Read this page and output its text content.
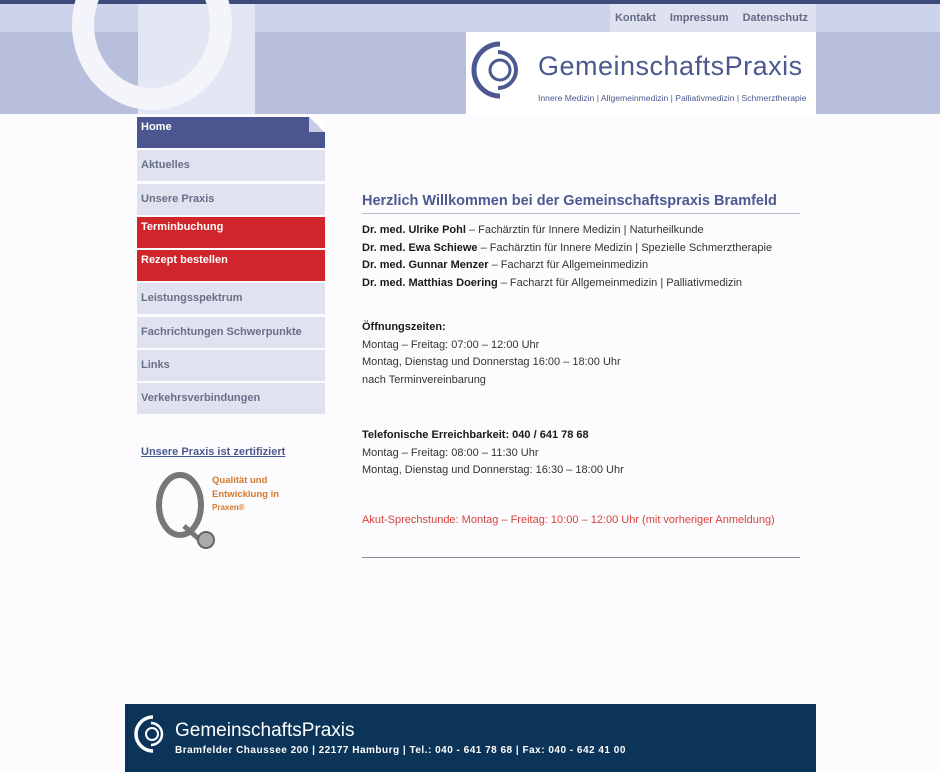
Kontakt Impressum Datenschutz
GemeinschaftsPraxis
Innere Medizin | Allgemeinmedizin | Palliativmedizin | Schmerztherapie
Home
Aktuelles
Unsere Praxis
Terminbuchung
Rezept bestellen
Leistungsspektrum
Fachrichtungen Schwerpunkte
Links
Verkehrsverbindungen
Unsere Praxis ist zertifiziert
Qualität und
Entwicklung in
Praxen®
Herzlich Willkommen bei der Gemeinschaftspraxis Bramfeld
Dr. med. Ulrike Pohl – Fachärztin für Innere Medizin | Naturheilkunde
Dr. med. Ewa Schiewe – Fachärztin für Innere Medizin | Spezielle Schmerztherapie
Dr. med. Gunnar Menzer – Facharzt für Allgemeinmedizin
Dr. med. Matthias Doering – Facharzt für Allgemeinmedizin | Palliativmedizin
Öffnungszeiten:
Montag – Freitag: 07:00 – 12:00 Uhr
Montag, Dienstag und Donnerstag 16:00 – 18:00 Uhr
nach Terminvereinbarung
Telefonische Erreichbarkeit: 040 / 641 78 68
Montag – Freitag: 08:00 – 11:30 Uhr
Montag, Dienstag und Donnerstag: 16:30 – 18:00 Uhr
Akut-Sprechstunde: Montag – Freitag: 10:00 – 12:00 Uhr (mit vorheriger Anmeldung)
GemeinschaftsPraxis
Bramfelder Chaussee 200 | 22177 Hamburg | Tel.: 040 - 641 78 68 | Fax: 040 - 642 41 00
